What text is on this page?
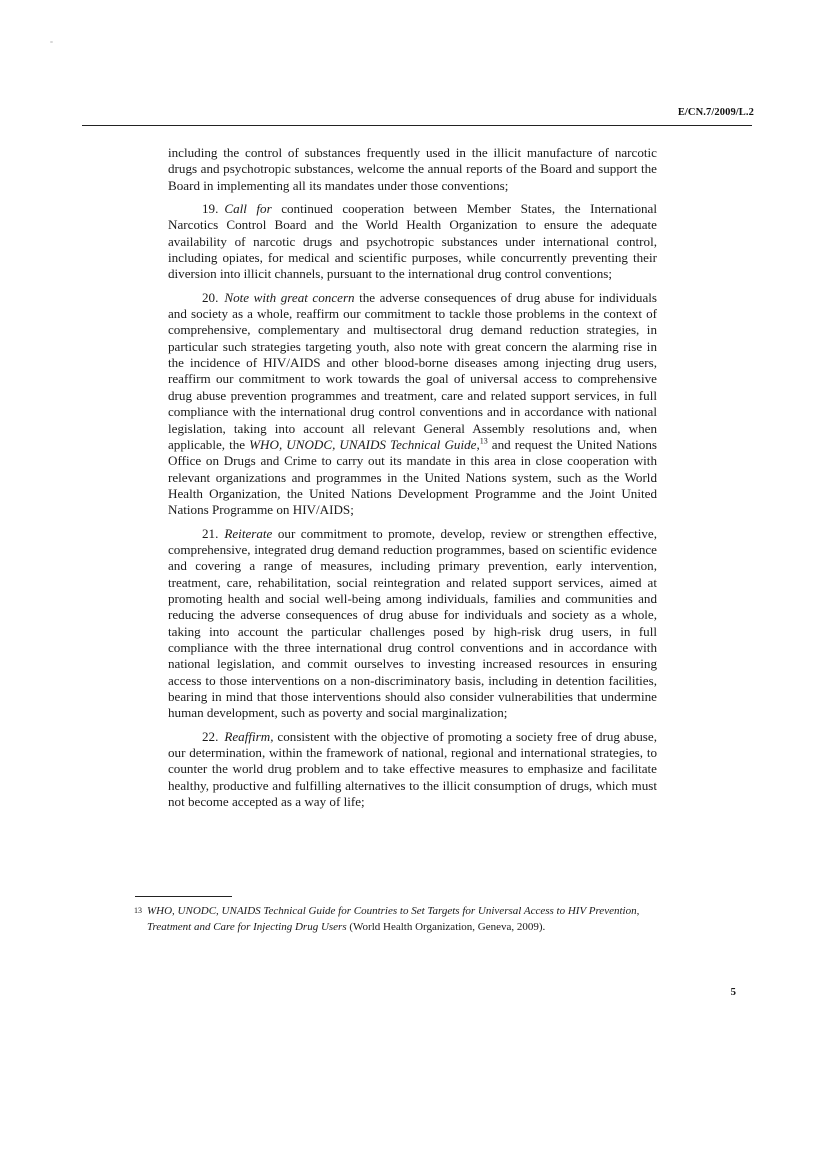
E/CN.7/2009/L.2

including the control of substances frequently used in the illicit manufacture of narcotic drugs and psychotropic substances, welcome the annual reports of the Board and support the Board in implementing all its mandates under those conventions;

19. Call for continued cooperation between Member States, the International Narcotics Control Board and the World Health Organization to ensure the adequate availability of narcotic drugs and psychotropic substances under international control, including opiates, for medical and scientific purposes, while concurrently preventing their diversion into illicit channels, pursuant to the international drug control conventions;

20. Note with great concern the adverse consequences of drug abuse for individuals and society as a whole, reaffirm our commitment to tackle those problems in the context of comprehensive, complementary and multisectoral drug demand reduction strategies, in particular such strategies targeting youth, also note with great concern the alarming rise in the incidence of HIV/AIDS and other blood-borne diseases among injecting drug users, reaffirm our commitment to work towards the goal of universal access to comprehensive drug abuse prevention programmes and treatment, care and related support services, in full compliance with the international drug control conventions and in accordance with national legislation, taking into account all relevant General Assembly resolutions and, when applicable, the WHO, UNODC, UNAIDS Technical Guide,$^{13}$ and request the United Nations Office on Drugs and Crime to carry out its mandate in this area in close cooperation with relevant organizations and programmes in the United Nations system, such as the World Health Organization, the United Nations Development Programme and the Joint United Nations Programme on HIV/AIDS;

21. Reiterate our commitment to promote, develop, review or strengthen effective, comprehensive, integrated drug demand reduction programmes, based on scientific evidence and covering a range of measures, including primary prevention, early intervention, treatment, care, rehabilitation, social reintegration and related support services, aimed at promoting health and social well-being among individuals, families and communities and reducing the adverse consequences of drug abuse for individuals and society as a whole, taking into account the particular challenges posed by high-risk drug users, in full compliance with the three international drug control conventions and in accordance with national legislation, and commit ourselves to investing increased resources in ensuring access to those interventions on a non-discriminatory basis, including in detention facilities, bearing in mind that those interventions should also consider vulnerabilities that undermine human development, such as poverty and social marginalization;

22. Reaffirm, consistent with the objective of promoting a society free of drug abuse, our determination, within the framework of national, regional and international strategies, to counter the world drug problem and to take effective measures to emphasize and facilitate healthy, productive and fulfilling alternatives to the illicit consumption of drugs, which must not become accepted as a way of life;

13 WHO, UNODC, UNAIDS Technical Guide for Countries to Set Targets for Universal Access to HIV Prevention, Treatment and Care for Injecting Drug Users (World Health Organization, Geneva, 2009).
5
